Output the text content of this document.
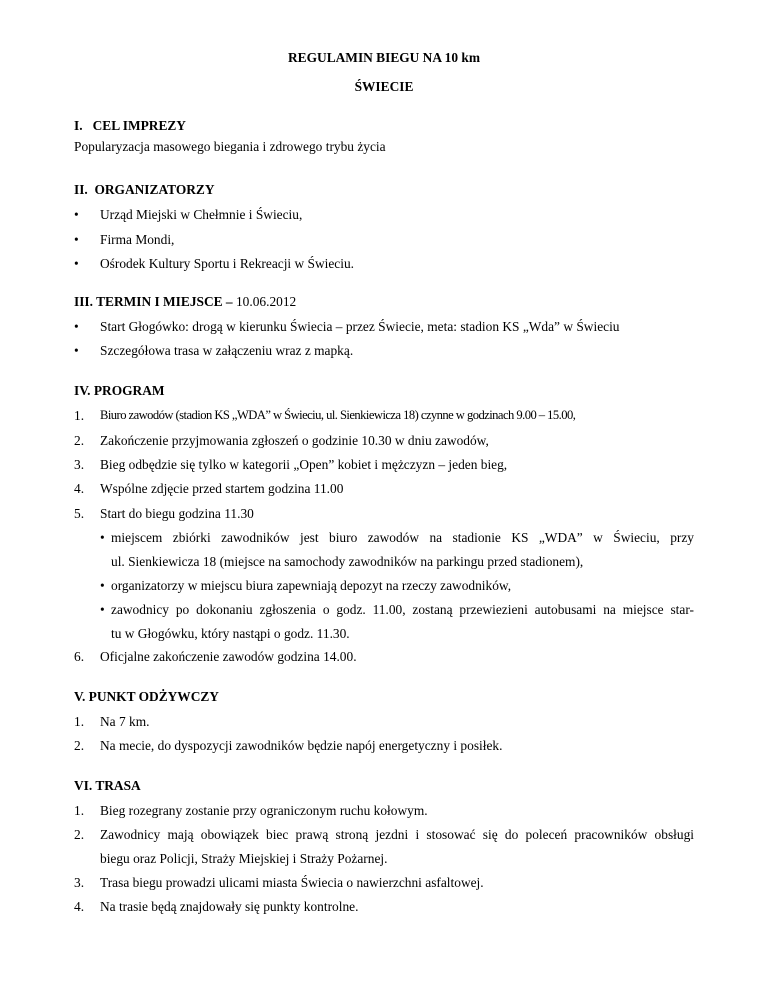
REGULAMIN BIEGU NA 10 km
ŚWIECIE
I.   CEL IMPREZY
Popularyzacja masowego biegania i zdrowego trybu życia
II.  ORGANIZATORZY
• Urząd Miejski w Chełmnie i Świeciu,
• Firma Mondi,
• Ośrodek Kultury Sportu i Rekreacji w Świeciu.
III. TERMIN I MIEJSCE – 10.06.2012
• Start Głogówko: drogą w kierunku Świecia – przez Świecie, meta: stadion KS „Wda” w Świeciu
• Szczegółowa trasa w załączeniu wraz z mapką.
IV. PROGRAM
1. Biuro zawodów (stadion KS „WDA” w Świeciu, ul. Sienkiewicza 18) czynne w godzinach 9.00 – 15.00,
2. Zakończenie przyjmowania zgłoszeń o godzinie 10.30 w dniu zawodów,
3. Bieg odbędzie się tylko w kategorii „Open” kobiet i mężczyzn – jeden bieg,
4. Wspólne zdjęcie przed startem godzina 11.00
5. Start do biegu godzina 11.30
• miejscem zbiórki zawodników jest biuro zawodów na stadionie KS „WDA” w Świeciu, przy
ul. Sienkiewicza 18 (miejsce na samochody zawodników na parkingu przed stadionem),
• organizatorzy w miejscu biura zapewniają depozyt na rzeczy zawodników,
• zawodnicy po dokonaniu zgłoszenia o godz. 11.00, zostaną przewiezieni autobusami na miejsce star-
tu w Głogówku, który nastąpi o godz. 11.30.
6. Oficjalne zakończenie zawodów godzina 14.00.
V. PUNKT ODŻYWCZY
1. Na 7 km.
2. Na mecie, do dyspozycji zawodników będzie napój energetyczny i posiłek.
VI. TRASA
1. Bieg rozegrany zostanie przy ograniczonym ruchu kołowym.
2. Zawodnicy mają obowiązek biec prawą stroną jezdni i stosować się do poleceń pracowników obsługi
biegu oraz Policji, Straży Miejskiej i Straży Pożarnej.
3. Trasa biegu prowadzi ulicami miasta Świecia o nawierzchni asfaltowej.
4. Na trasie będą znajdowały się punkty kontrolne.
